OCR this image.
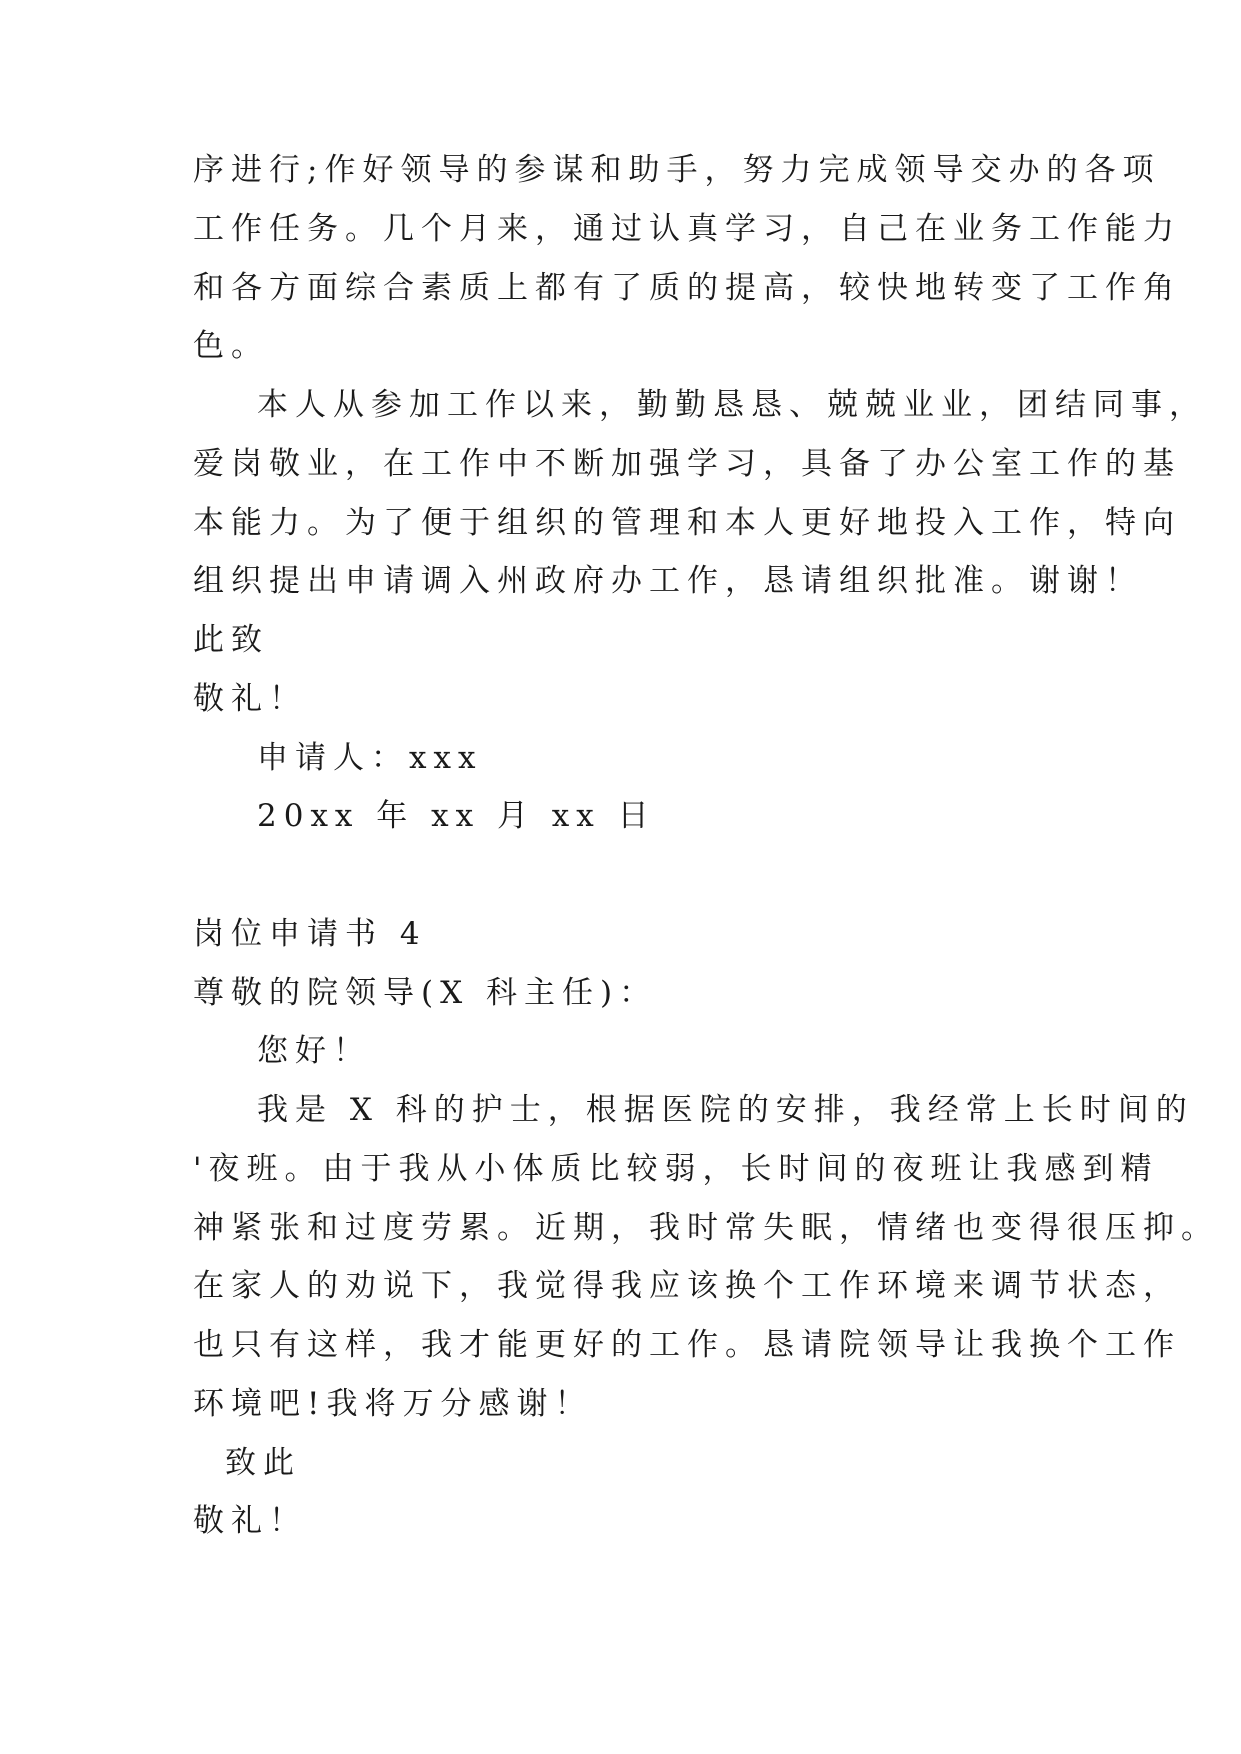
序进行;作好领导的参谋和助手，努力完成领导交办的各项

工作任务。几个月来，通过认真学习，自己在业务工作能力

和各方面综合素质上都有了质的提高，较快地转变了工作角

色。

本人从参加工作以来，勤勤恳恳、兢兢业业，团结同事，

爱岗敬业，在工作中不断加强学习，具备了办公室工作的基

本能力。为了便于组织的管理和本人更好地投入工作，特向

组织提出申请调入州政府办工作，恳请组织批准。谢谢！

此致

敬礼！

申请人：xxx

20xx 年 xx 月 xx 日

岗位申请书 4

尊敬的院领导(X 科主任)：

您好！

我是 X 科的护士，根据医院的安排，我经常上长时间的

'夜班。由于我从小体质比较弱，长时间的夜班让我感到精

神紧张和过度劳累。近期，我时常失眠，情绪也变得很压抑。

在家人的劝说下，我觉得我应该换个工作环境来调节状态，

也只有这样，我才能更好的工作。恳请院领导让我换个工作

环境吧!我将万分感谢！

致此

敬礼！
